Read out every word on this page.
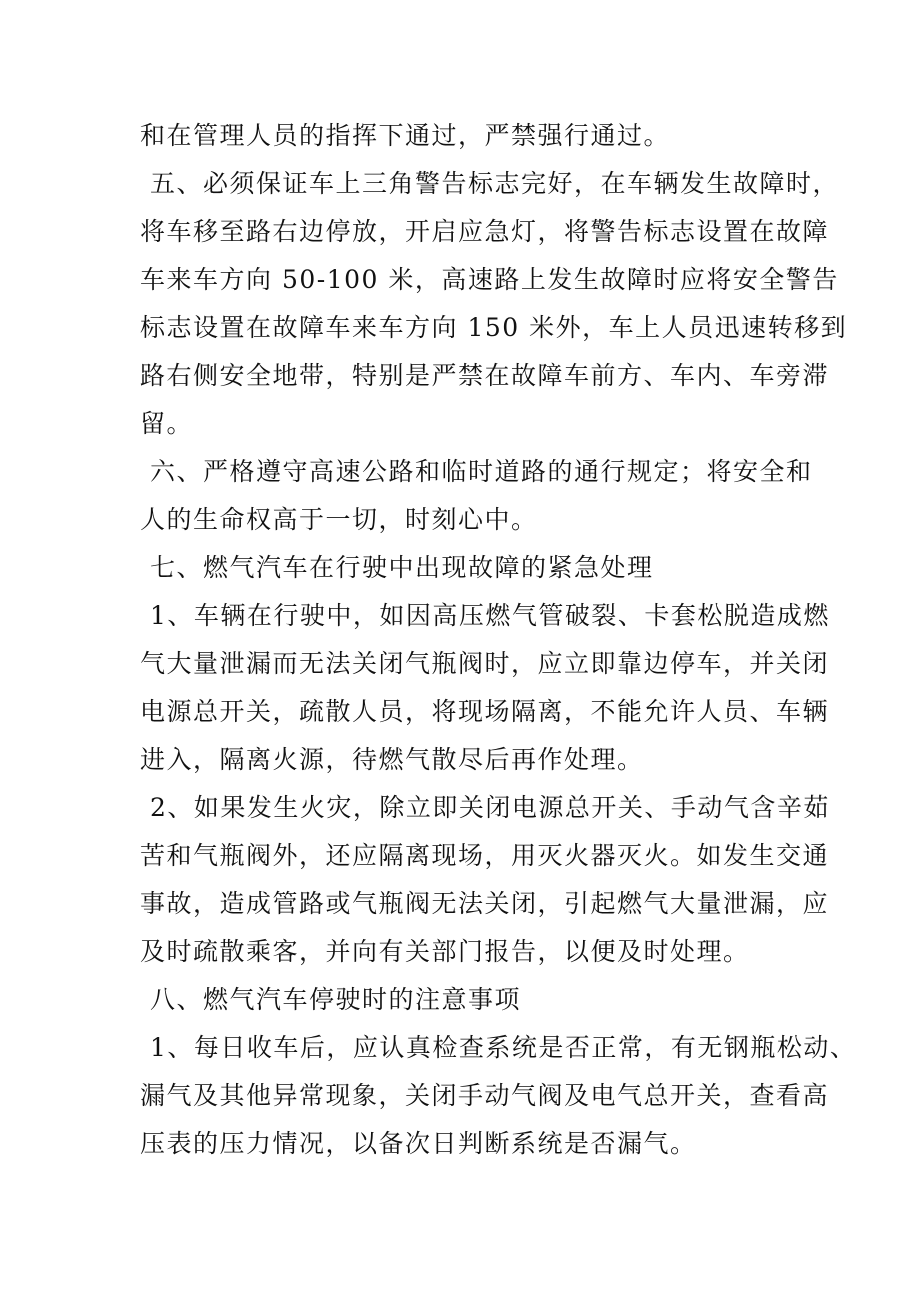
和在管理人员的指挥下通过，严禁强行通过。
五、必须保证车上三角警告标志完好，在车辆发生故障时，
将车移至路右边停放，开启应急灯，将警告标志设置在故障
车来车方向 50-100 米，高速路上发生故障时应将安全警告
标志设置在故障车来车方向 150 米外，车上人员迅速转移到
路右侧安全地带，特别是严禁在故障车前方、车内、车旁滞
留。
六、严格遵守高速公路和临时道路的通行规定；将安全和
人的生命权高于一切，时刻心中。
七、燃气汽车在行驶中出现故障的紧急处理
1、车辆在行驶中，如因高压燃气管破裂、卡套松脱造成燃
气大量泄漏而无法关闭气瓶阀时，应立即靠边停车，并关闭
电源总开关，疏散人员，将现场隔离，不能允许人员、车辆
进入，隔离火源，待燃气散尽后再作处理。
2、如果发生火灾，除立即关闭电源总开关、手动气含辛茹
苦和气瓶阀外，还应隔离现场，用灭火器灭火。如发生交通
事故，造成管路或气瓶阀无法关闭，引起燃气大量泄漏，应
及时疏散乘客，并向有关部门报告，以便及时处理。
八、燃气汽车停驶时的注意事项
1、每日收车后，应认真检查系统是否正常，有无钢瓶松动、
漏气及其他异常现象，关闭手动气阀及电气总开关，查看高
压表的压力情况，以备次日判断系统是否漏气。
